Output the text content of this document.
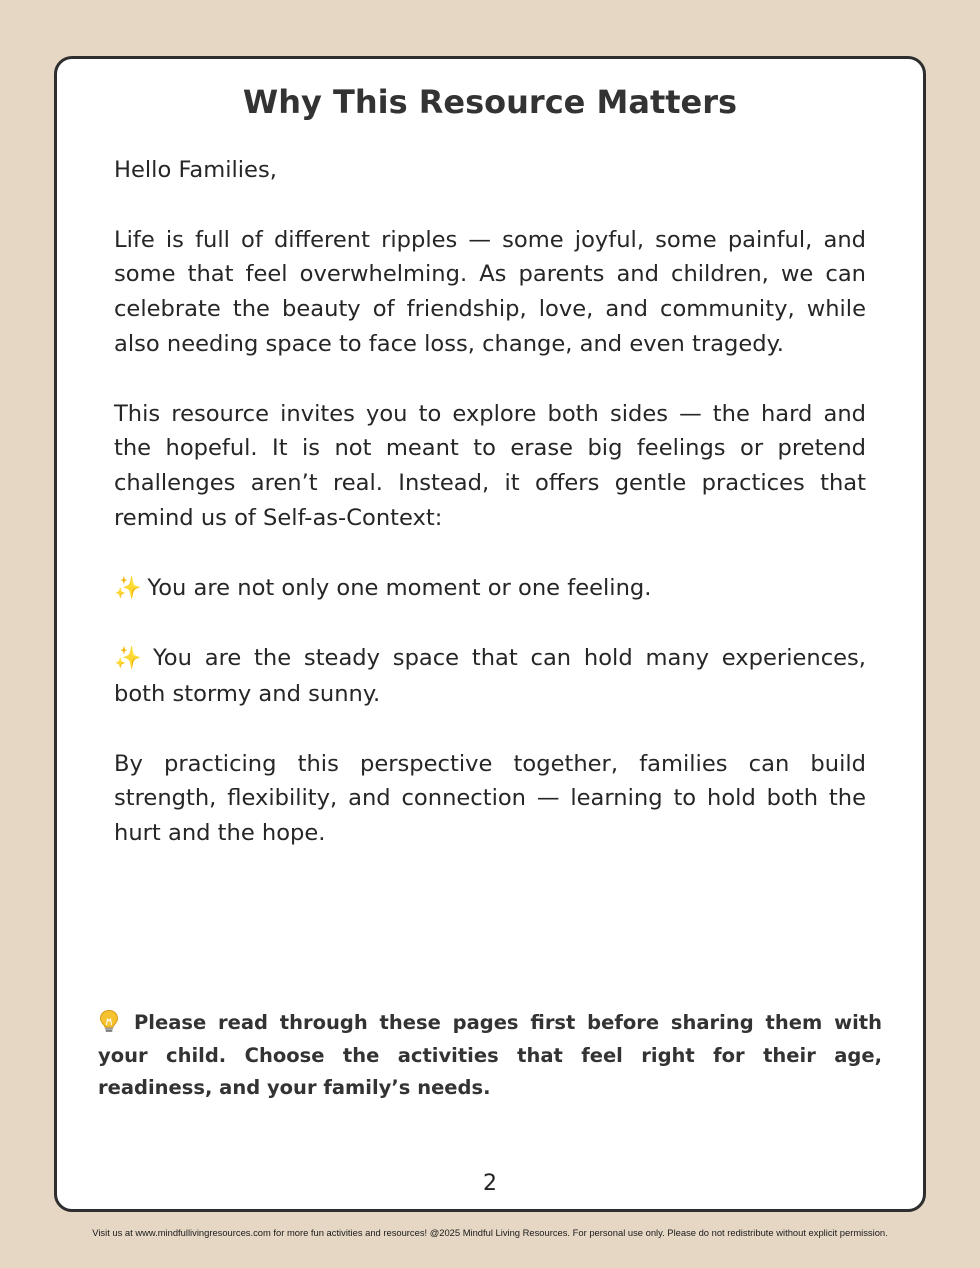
Why This Resource Matters

Hello Families,

Life is full of different ripples — some joyful, some painful, and some that feel overwhelming. As parents and children, we can celebrate the beauty of friendship, love, and community, while also needing space to face loss, change, and even tragedy.

This resource invites you to explore both sides — the hard and the hopeful. It is not meant to erase big feelings or pretend challenges aren’t real. Instead, it offers gentle practices that remind us of Self-as-Context:

✨ You are not only one moment or one feeling.

✨ You are the steady space that can hold many experiences, both stormy and sunny.

By practicing this perspective together, families can build strength, flexibility, and connection — learning to hold both the hurt and the hope.

Please read through these pages first before sharing them with your child. Choose the activities that feel right for their age, readiness, and your family’s needs.

2
Visit us at www.mindfullivingresources.com for more fun activities and resources! @2025 Mindful Living Resources. For personal use only. Please do not redistribute without explicit permission.
